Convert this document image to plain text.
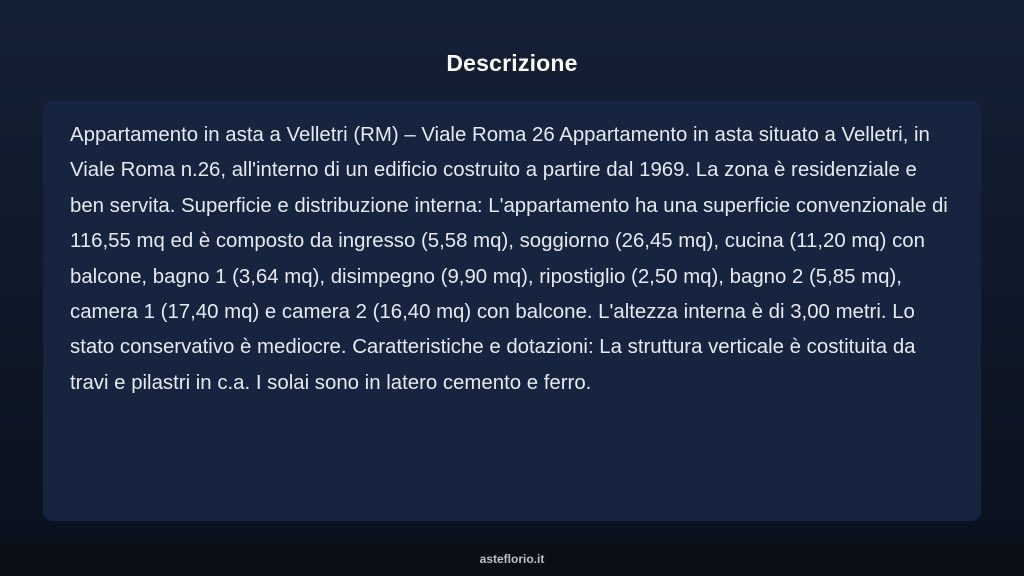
Descrizione

Appartamento in asta a Velletri (RM) – Viale Roma 26 Appartamento in asta situato a Velletri, in Viale Roma n.26, all'interno di un edificio costruito a partire dal 1969. La zona è residenziale e ben servita. Superficie e distribuzione interna: L'appartamento ha una superficie convenzionale di 116,55 mq ed è composto da ingresso (5,58 mq), soggiorno (26,45 mq), cucina (11,20 mq) con balcone, bagno 1 (3,64 mq), disimpegno (9,90 mq), ripostiglio (2,50 mq), bagno 2 (5,85 mq), camera 1 (17,40 mq) e camera 2 (16,40 mq) con balcone. L'altezza interna è di 3,00 metri. Lo stato conservativo è mediocre. Caratteristiche e dotazioni: La struttura verticale è costituita da travi e pilastri in c.a. I solai sono in latero cemento e ferro.

asteflorio.it
